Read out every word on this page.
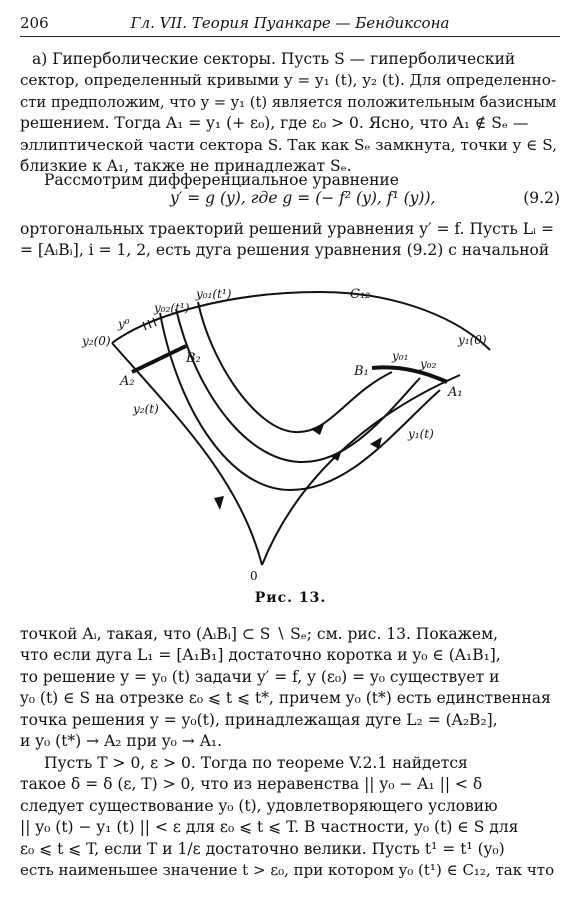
206	Гл. VII. Теория Пуанкаре — Бендиксона
а) Гиперболические секторы. Пусть S — гиперболический
сектор, определенный кривыми y = y₁ (t), y₂ (t). Для определенно-
сти предположим, что y = y₁ (t) является положительным базисным
решением. Тогда A₁ = y₁ (+ ε₀), где ε₀ > 0. Ясно, что A₁ ∉ Sₑ —
эллиптической части сектора S. Так как Sₑ замкнута, точки y ∈ S,
близкие к A₁, также не принадлежат Sₑ.
Рассмотрим дифференциальное уравнение
y′ = g (y), где g = (− f² (y), f¹ (y)),	(9.2)
ортогональных траекторий решений уравнения y′ = f. Пусть Lᵢ =
= [AᵢBᵢ], i = 1, 2, есть дуга решения уравнения (9.2) с начальной
y₂(0)
y⁰
y₀₂(t¹)
y₀₁(t¹)	C₁₂
y₁(0)
B₂
A₂
y₂(t)
B₁
y₀₁
y₀₂
A₁
y₁(t)
0
Рис. 13.
точкой Aᵢ, такая, что (AᵢBᵢ] ⊂ S ∖ Sₑ; см. рис. 13. Покажем,
что если дуга L₁ = [A₁B₁] достаточно коротка и y₀ ∈ (A₁B₁],
то решение y = y₀ (t) задачи y′ = f, y (ε₀) = y₀ существует и
y₀ (t) ∈ S на отрезке ε₀ ⩽ t ⩽ t*, причем y₀ (t*) есть единственная
точка решения y = y₀(t), принадлежащая дуге L₂ = (A₂B₂],
и y₀ (t*) → A₂ при y₀ → A₁.
Пусть T > 0, ε > 0. Тогда по теореме V.2.1 найдется
такое δ = δ (ε, T) > 0, что из неравенства || y₀ − A₁ || < δ
следует существование y₀ (t), удовлетворяющего условию
|| y₀ (t) − y₁ (t) || < ε для ε₀ ⩽ t ⩽ T. В частности, y₀ (t) ∈ S для
ε₀ ⩽ t ⩽ T, если T и 1/ε достаточно велики. Пусть t¹ = t¹ (y₀)
есть наименьшее значение t > ε₀, при котором y₀ (t¹) ∈ C₁₂, так что
